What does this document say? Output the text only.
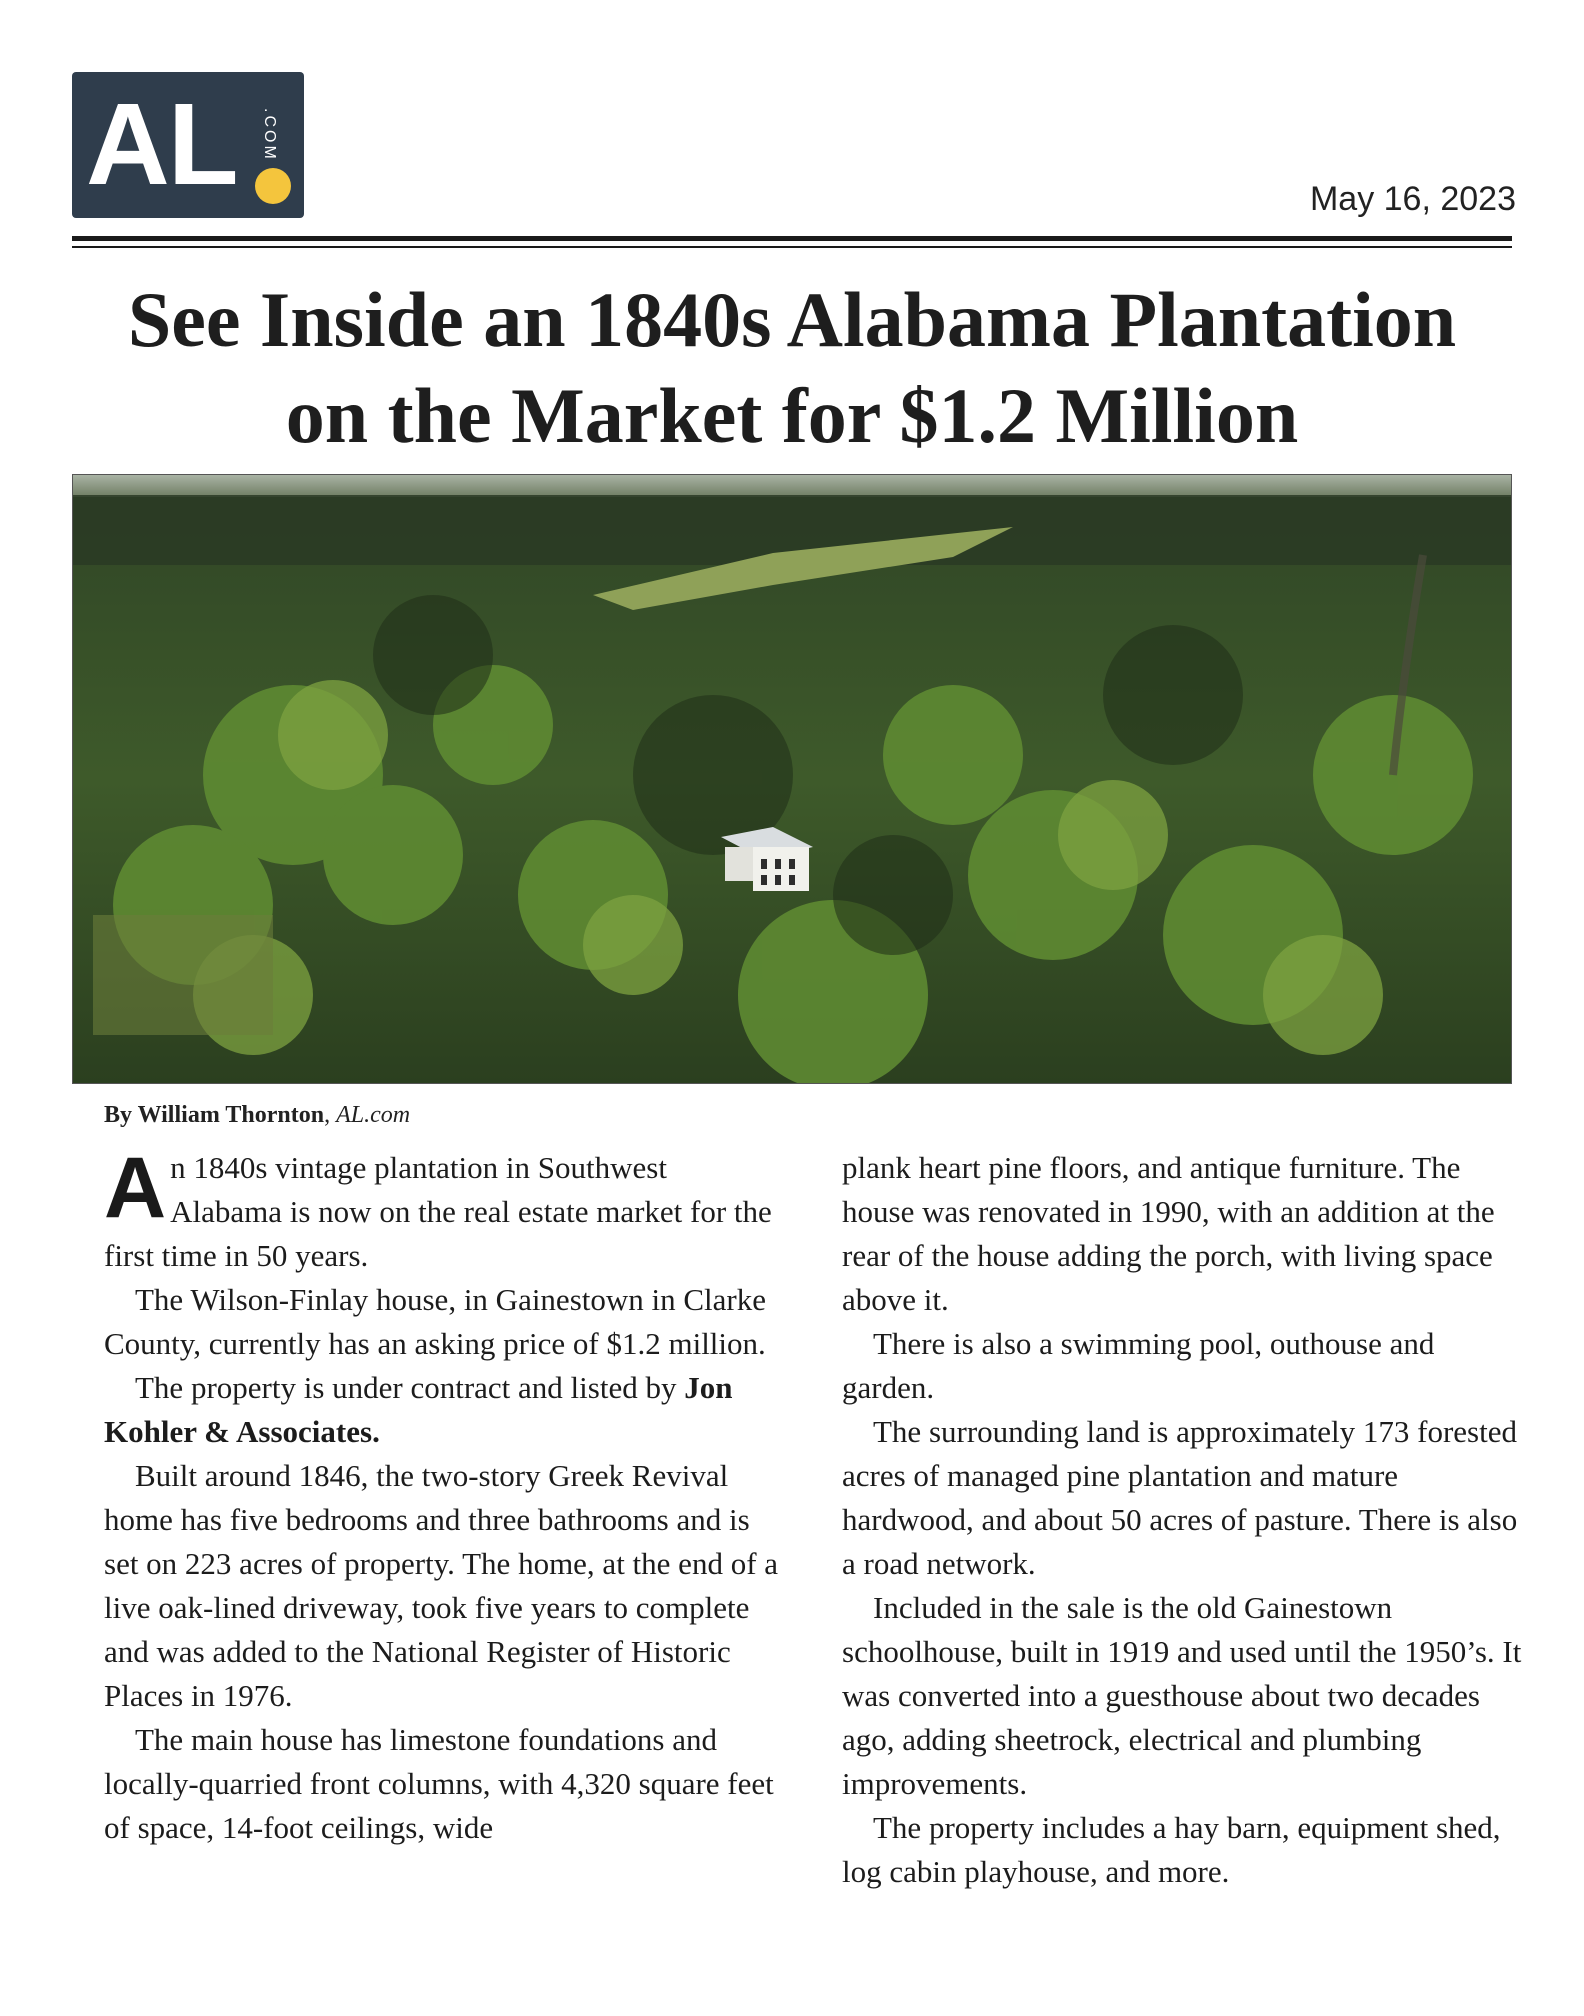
AL .COM
May 16, 2023
See Inside an 1840s Alabama Plantation
on the Market for $1.2 Million
By William Thornton, AL.com

An 1840s vintage plantation in Southwest Alabama is now on the real estate market for the first time in 50 years.

The Wilson-Finlay house, in Gainestown in Clarke County, currently has an asking price of $1.2 million.

The property is under contract and listed by Jon Kohler & Associates.

Built around 1846, the two-story Greek Revival home has five bedrooms and three bathrooms and is set on 223 acres of property. The home, at the end of a live oak-lined driveway, took five years to complete and was added to the National Register of Historic Places in 1976.

The main house has limestone foundations and locally-quarried front columns, with 4,320 square feet of space, 14-foot ceilings, wide

plank heart pine floors, and antique furniture. The house was renovated in 1990, with an addition at the rear of the house adding the porch, with living space above it.

There is also a swimming pool, outhouse and garden.

The surrounding land is approximately 173 forested acres of managed pine plantation and mature hardwood, and about 50 acres of pasture. There is also a road network.

Included in the sale is the old Gainestown schoolhouse, built in 1919 and used until the 1950’s. It was converted into a guesthouse about two decades ago, adding sheetrock, electrical and plumbing improvements.

The property includes a hay barn, equipment shed, log cabin playhouse, and more.
